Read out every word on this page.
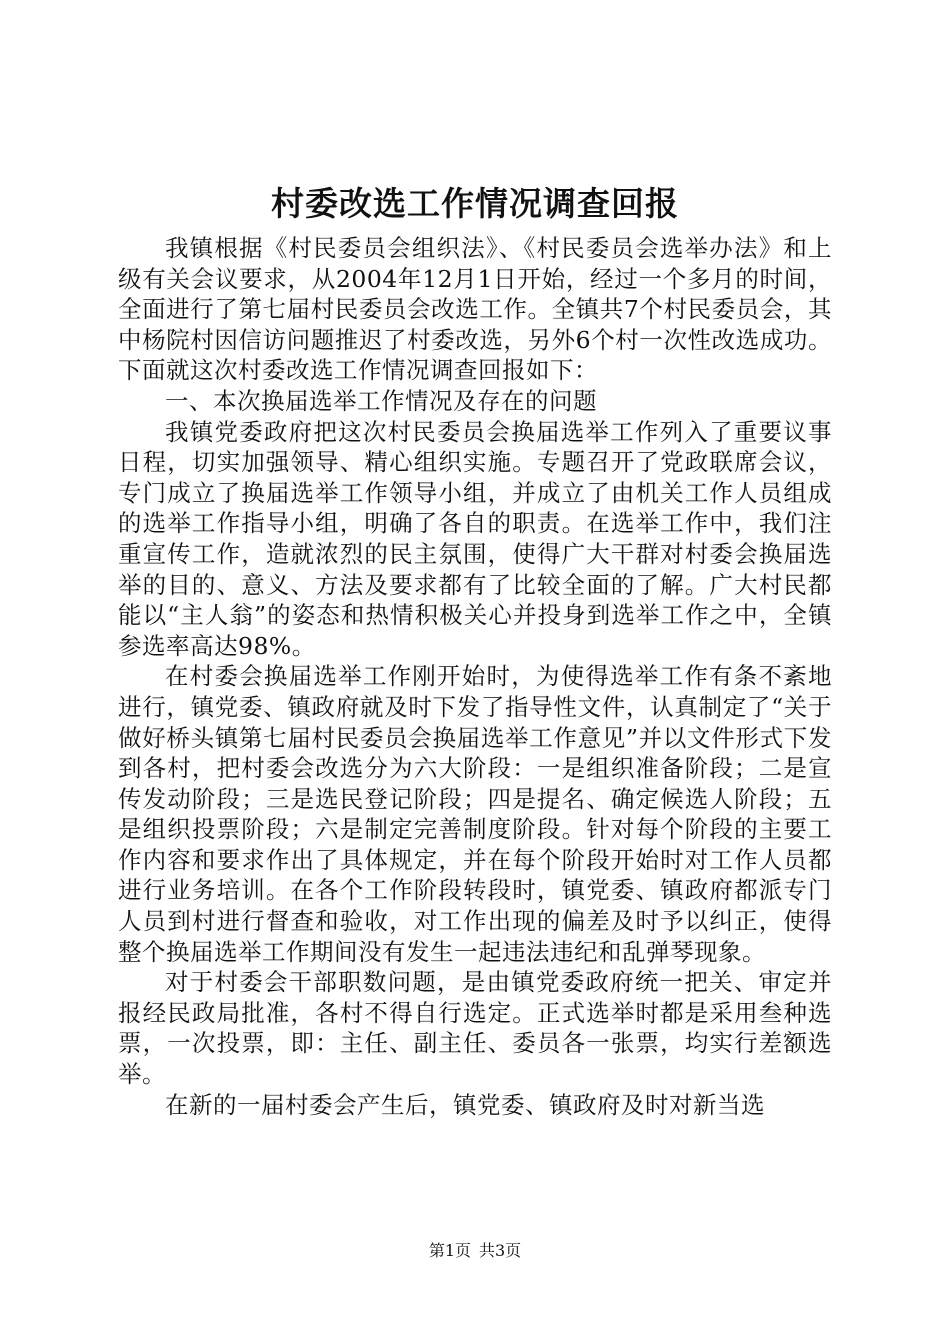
村委改选工作情况调查回报

我镇根据《村民委员会组织法》、《村民委员会选举办法》和上级有关会议要求，从2004年12月1日开始，经过一个多月的时间，全面进行了第七届村民委员会改选工作。全镇共7个村民委员会，其中杨院村因信访问题推迟了村委改选，另外6个村一次性改选成功。下面就这次村委改选工作情况调查回报如下：

一、本次换届选举工作情况及存在的问题

我镇党委政府把这次村民委员会换届选举工作列入了重要议事日程，切实加强领导、精心组织实施。专题召开了党政联席会议，专门成立了换届选举工作领导小组，并成立了由机关工作人员组成的选举工作指导小组，明确了各自的职责。在选举工作中，我们注重宣传工作，造就浓烈的民主氛围，使得广大干群对村委会换届选举的目的、意义、方法及要求都有了比较全面的了解。广大村民都能以“主人翁”的姿态和热情积极关心并投身到选举工作之中，全镇参选率高达98%。

在村委会换届选举工作刚开始时，为使得选举工作有条不紊地进行，镇党委、镇政府就及时下发了指导性文件，认真制定了“关于做好桥头镇第七届村民委员会换届选举工作意见”并以文件形式下发到各村，把村委会改选分为六大阶段：一是组织准备阶段；二是宣传发动阶段；三是选民登记阶段；四是提名、确定候选人阶段；五是组织投票阶段；六是制定完善制度阶段。针对每个阶段的主要工作内容和要求作出了具体规定，并在每个阶段开始时对工作人员都进行业务培训。在各个工作阶段转段时，镇党委、镇政府都派专门人员到村进行督查和验收，对工作出现的偏差及时予以纠正，使得整个换届选举工作期间没有发生一起违法违纪和乱弹琴现象。

对于村委会干部职数问题，是由镇党委政府统一把关、审定并报经民政局批准，各村不得自行选定。正式选举时都是采用叁种选票，一次投票，即：主任、副主任、委员各一张票，均实行差额选举。

在新的一届村委会产生后，镇党委、镇政府及时对新当选

第1页 共3页
